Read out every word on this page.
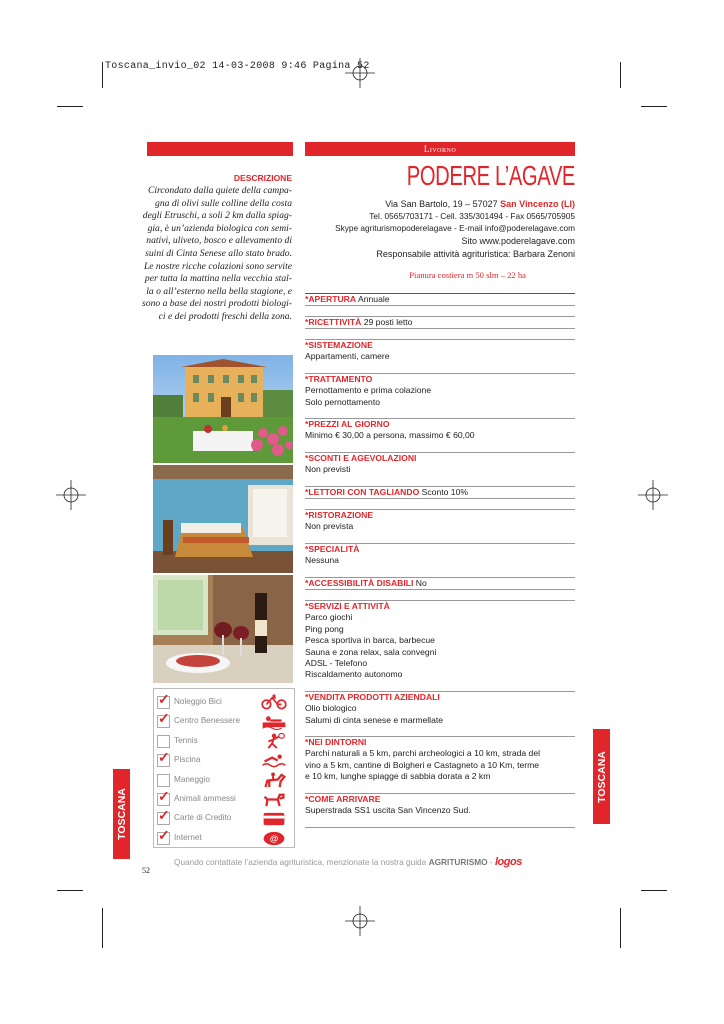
Toscana_invio_02 14-03-2008 9:46 Pagina 52
Livorno
PODERE L’AGAVE
Via San Bartolo, 19 – 57027 San Vincenzo (LI)
Tel. 0565/703171 - Cell. 335/301494 - Fax 0565/705905
Skype agriturismopoderelagave - E-mail info@poderelagave.com
Sito www.poderelagave.com
Responsabile attività agrituristica: Barbara Zenoni
Pianura costiera m 50 slm – 22 ha
DESCRIZIONE
Circondato dalla quiete della campa-
gna di olivi sulle colline della costa
degli Etruschi, a soli 2 km dalla spiag-
gia, è un’azienda biologica con semi-
nativi, uliveto, bosco e allevamento di
suini di Cinta Senese allo stato brado.
Le nostre ricche colazioni sono servite
per tutta la mattina nella vecchia stal-
la o all’esterno nella bella stagione, e
sono a base dei nostri prodotti biologi-
ci e dei prodotti freschi della zona.
✓ Noleggio Bici
✓ Centro Benessere
Tennis
✓ Piscina
Maneggio
✓ Animali ammessi
✓ Carte di Credito
✓ Internet	@
*APERTURA Annuale
*RICETTIVITÀ 29 posti letto
*SISTEMAZIONE
Appartamenti, camere
*TRATTAMENTO
Pernottamento e prima colazione
Solo pernottamento
*PREZZI AL GIORNO
Minimo € 30,00 a persona, massimo € 60,00
*SCONTI E AGEVOLAZIONI
Non previsti
*LETTORI CON TAGLIANDO Sconto 10%
*RISTORAZIONE
Non prevista
*SPECIALITÀ
Nessuna
*ACCESSIBILITÀ DISABILI No
*SERVIZI E ATTIVITÀ
Parco giochi
Ping pong
Pesca sportiva in barca, barbecue
Sauna e zona relax, sala convegni
ADSL - Telefono
Riscaldamento autonomo
*VENDITA PRODOTTI AZIENDALI
Olio biologico
Salumi di cinta senese e marmellate
*NEI DINTORNI
Parchi naturali a 5 km, parchi archeologici a 10 km, strada del
vino a 5 km, cantine di Bolgheri e Castagneto a 10 Km, terme
e 10 km, lunghe spiagge di sabbia dorata a 2 km
*COME ARRIVARE
Superstrada SS1 uscita San Vincenzo Sud.
TOSCANA
TOSCANA
Quando contattate l’azienda agrituristica, menzionate la nostra guida AGRITURISMO - logos
52
